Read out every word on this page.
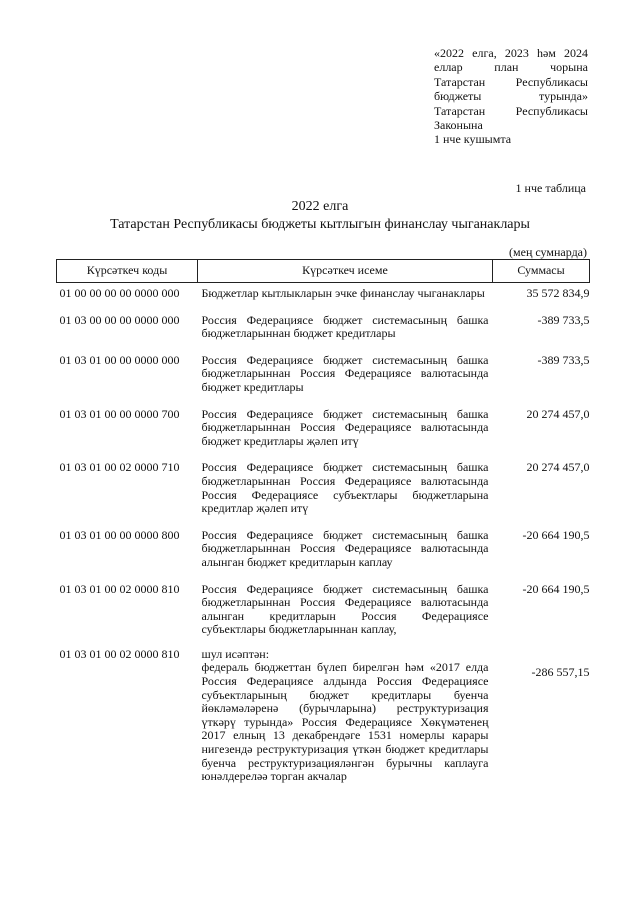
«2022 елга, 2023 һәм 2024
еллар план чорына
Татарстан Республикасы
бюджеты турында»
Татарстан Республикасы
Законына
1 нче кушымта
1 нче таблица
2022 елга
Татарстан Республикасы бюджеты кытлыгын финанслау чыганаклары
(мең сумнарда)
Күрсәткеч коды	Күрсәткеч исеме	Суммасы
01 00 00 00 00 0000 000	Бюджетлар кытлыкларын эчке финанслау чыганаклары	35 572 834,9
01 03 00 00 00 0000 000	Россия Федерациясе бюджет системасының башка бюджетларыннан бюджет кредитлары	-389 733,5
01 03 01 00 00 0000 000	Россия Федерациясе бюджет системасының башка бюджетларыннан Россия Федерациясе валютасында бюджет кредитлары	-389 733,5
01 03 01 00 00 0000 700	Россия Федерациясе бюджет системасының башка бюджетларыннан Россия Федерациясе валютасында бюджет кредитлары җәлеп итү	20 274 457,0
01 03 01 00 02 0000 710	Россия Федерациясе бюджет системасының башка бюджетларыннан Россия Федерациясе валютасында Россия Федерациясе субъектлары бюджетларына кредитлар җәлеп итү	20 274 457,0
01 03 01 00 00 0000 800	Россия Федерациясе бюджет системасының башка бюджетларыннан Россия Федерациясе валютасында алынган бюджет кредитларын каплау	-20 664 190,5
01 03 01 00 02 0000 810	Россия Федерациясе бюджет системасының башка бюджетларыннан Россия Федерациясе валютасында алынган кредитларын Россия Федерациясе субъектлары бюджетларыннан каплау,	-20 664 190,5
01 03 01 00 02 0000 810	шул исәптән:
федераль бюджеттан бүлеп бирелгән һәм «2017 елда Россия Федерациясе алдында Россия Федерациясе субъектларының бюджет кредитлары буенча йөкләмәләренә (бурычларына) реструктуризация үткәрү турында» Россия Федерациясе Хөкүмәтенең 2017 елның 13 декабрендәге 1531 номерлы карары нигезендә реструктуризация үткән бюджет кредитлары буенча реструктуризацияләнгән бурычны каплауга юнәлдереләә торган акчалар	-286 557,15
